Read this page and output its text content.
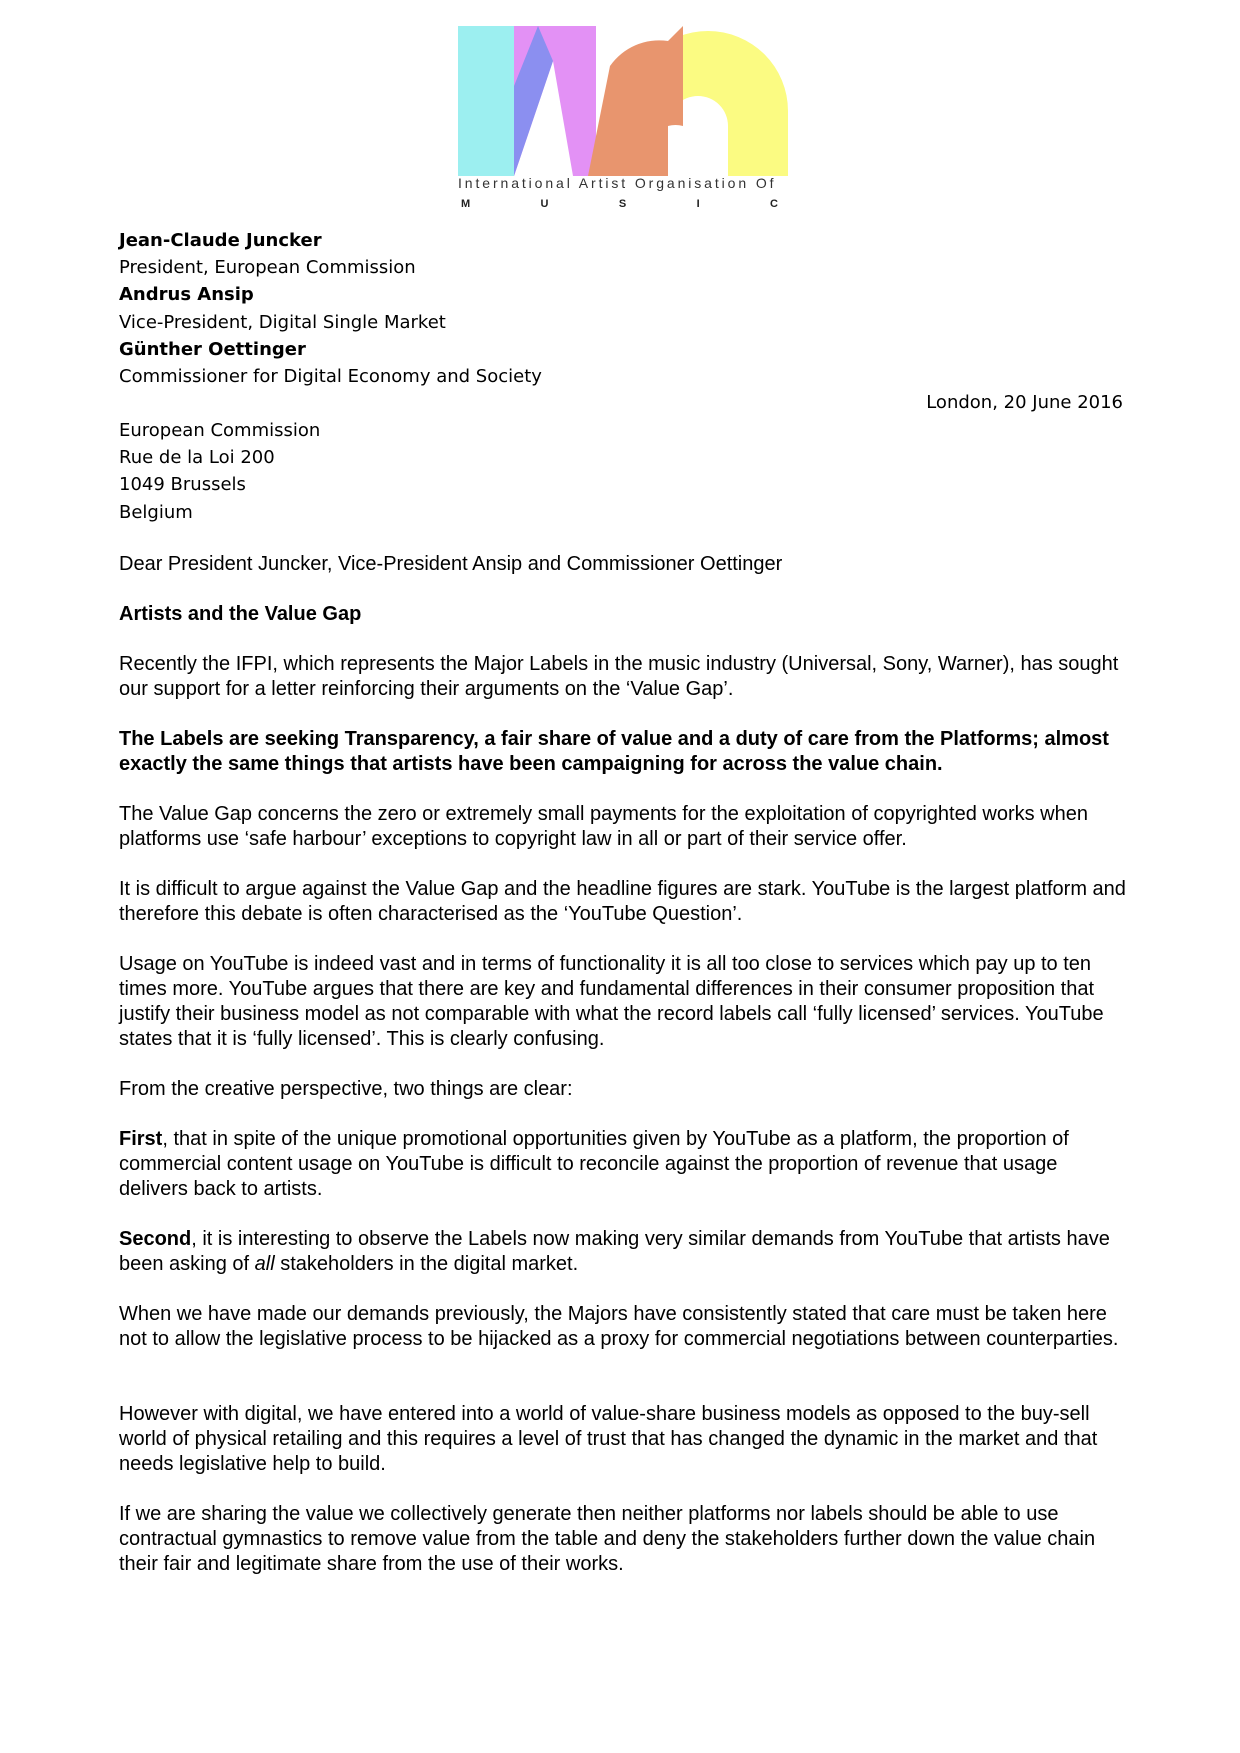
International Artist Organisation Of
M	U	S	I	C
Jean-Claude Juncker
President, European Commission
Andrus Ansip
Vice-President, Digital Single Market
Günther Oettinger
Commissioner for Digital Economy and Society
London, 20 June 2016
European Commission
Rue de la Loi 200
1049 Brussels
Belgium

Dear President Juncker, Vice-President Ansip and Commissioner Oettinger

Artists and the Value Gap

Recently the IFPI, which represents the Major Labels in the music industry (Universal, Sony, Warner), has sought our support for a letter reinforcing their arguments on the ‘Value Gap’.

The Labels are seeking Transparency, a fair share of value and a duty of care from the Platforms; almost exactly the same things that artists have been campaigning for across the value chain.

The Value Gap concerns the zero or extremely small payments for the exploitation of copyrighted works when platforms use ‘safe harbour’ exceptions to copyright law in all or part of their service offer.

It is difficult to argue against the Value Gap and the headline figures are stark. YouTube is the largest platform and therefore this debate is often characterised as the ‘YouTube Question’.

Usage on YouTube is indeed vast and in terms of functionality it is all too close to services which pay up to ten times more. YouTube argues that there are key and fundamental differences in their consumer proposition that justify their business model as not comparable with what the record labels call ‘fully licensed’ services. YouTube states that it is ‘fully licensed’. This is clearly confusing.

From the creative perspective, two things are clear:

First, that in spite of the unique promotional opportunities given by YouTube as a platform, the proportion of commercial content usage on YouTube is difficult to reconcile against the proportion of revenue that usage delivers back to artists.

Second, it is interesting to observe the Labels now making very similar demands from YouTube that artists have been asking of all stakeholders in the digital market.

When we have made our demands previously, the Majors have consistently stated that care must be taken here not to allow the legislative process to be hijacked as a proxy for commercial negotiations between counterparties.

However with digital, we have entered into a world of value-share business models as opposed to the buy-sell world of physical retailing and this requires a level of trust that has changed the dynamic in the market and that needs legislative help to build.

If we are sharing the value we collectively generate then neither platforms nor labels should be able to use contractual gymnastics to remove value from the table and deny the stakeholders further down the value chain their fair and legitimate share from the use of their works.
